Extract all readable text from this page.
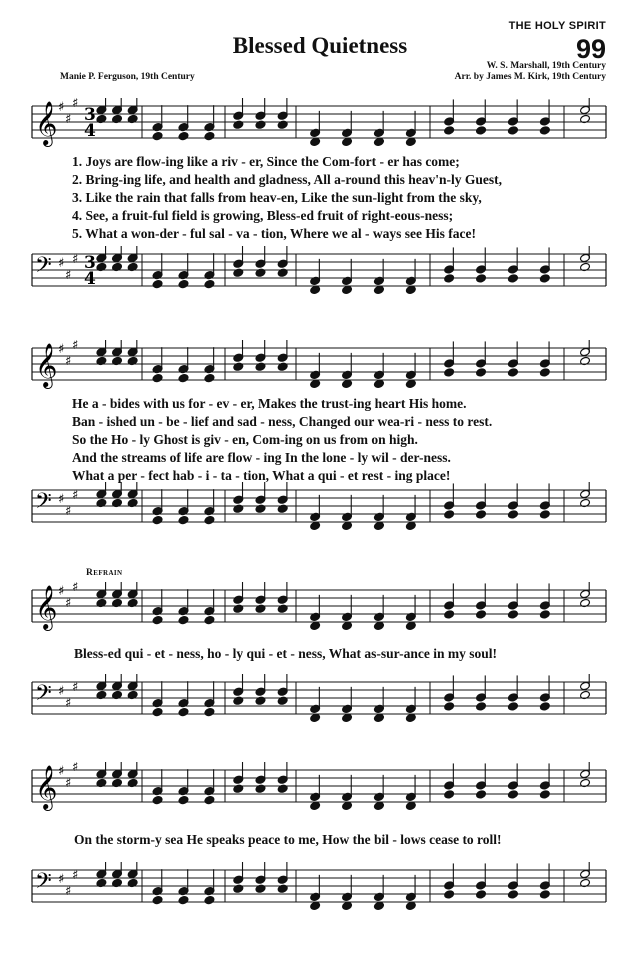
THE HOLY SPIRIT
99
Blessed Quietness
Manie P. Ferguson, 19th Century
W. S. Marshall, 19th Century
Arr. by James M. Kirk, 19th Century
𝄞 ♯
♯
♯
3
4
1. Joys are flow-ing like a riv - er, Since the Com-fort - er has come;
2. Bring-ing life, and health and gladness, All a-round this heav'n-ly Guest,
3. Like the rain that falls from heav-en, Like the sun-light from the sky,
4. See, a fruit-ful field is growing, Bless-ed fruit of right-eous-ness;
5. What a won-der - ful sal - va - tion, Where we al - ways see His face!
𝄢 ♯
♯
♯ 3
4
𝄞 ♯
♯
♯
He a - bides with us for - ev - er, Makes the trust-ing heart His home.
Ban - ished un - be - lief and sad - ness, Changed our wea-ri - ness to rest.
So the Ho - ly Ghost is giv - en, Com-ing on us from on high.
And the streams of life are flow - ing In the lone - ly wil - der-ness.
What a per - fect hab - i - ta - tion, What a qui - et rest - ing place!
𝄢 ♯
♯
♯
Refrain
𝄞 ♯
♯
♯
Bless-ed qui - et - ness, ho - ly qui - et - ness, What as-sur-ance in my soul!
𝄢 ♯
♯
♯
𝄞 ♯
♯
♯
On the storm-y sea He speaks peace to me, How the bil - lows cease to roll!
𝄢 ♯
♯
♯
